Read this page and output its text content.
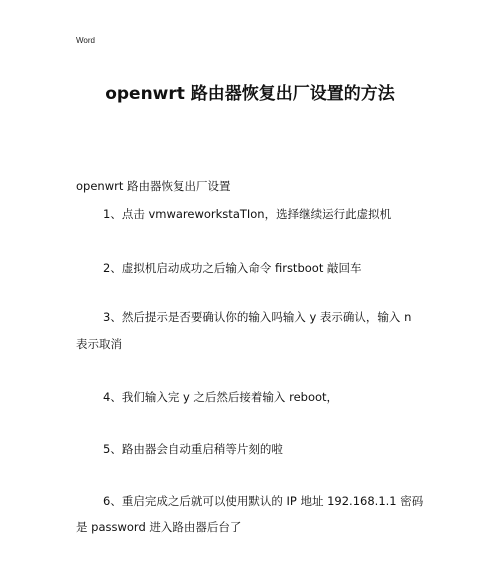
Word
openwrt 路由器恢复出厂设置的方法
openwrt 路由器恢复出厂设置
1、点击 vmwareworkstaTIon，选择继续运行此虚拟机
2、虚拟机启动成功之后输入命令 firstboot 敲回车
3、然后提示是否要确认你的输入吗输入 y 表示确认，输入 n
表示取消
4、我们输入完 y 之后然后接着输入 reboot，
5、路由器会自动重启稍等片刻的啦
6、重启完成之后就可以使用默认的 IP 地址 192.168.1.1 密码
是 password 进入路由器后台了
